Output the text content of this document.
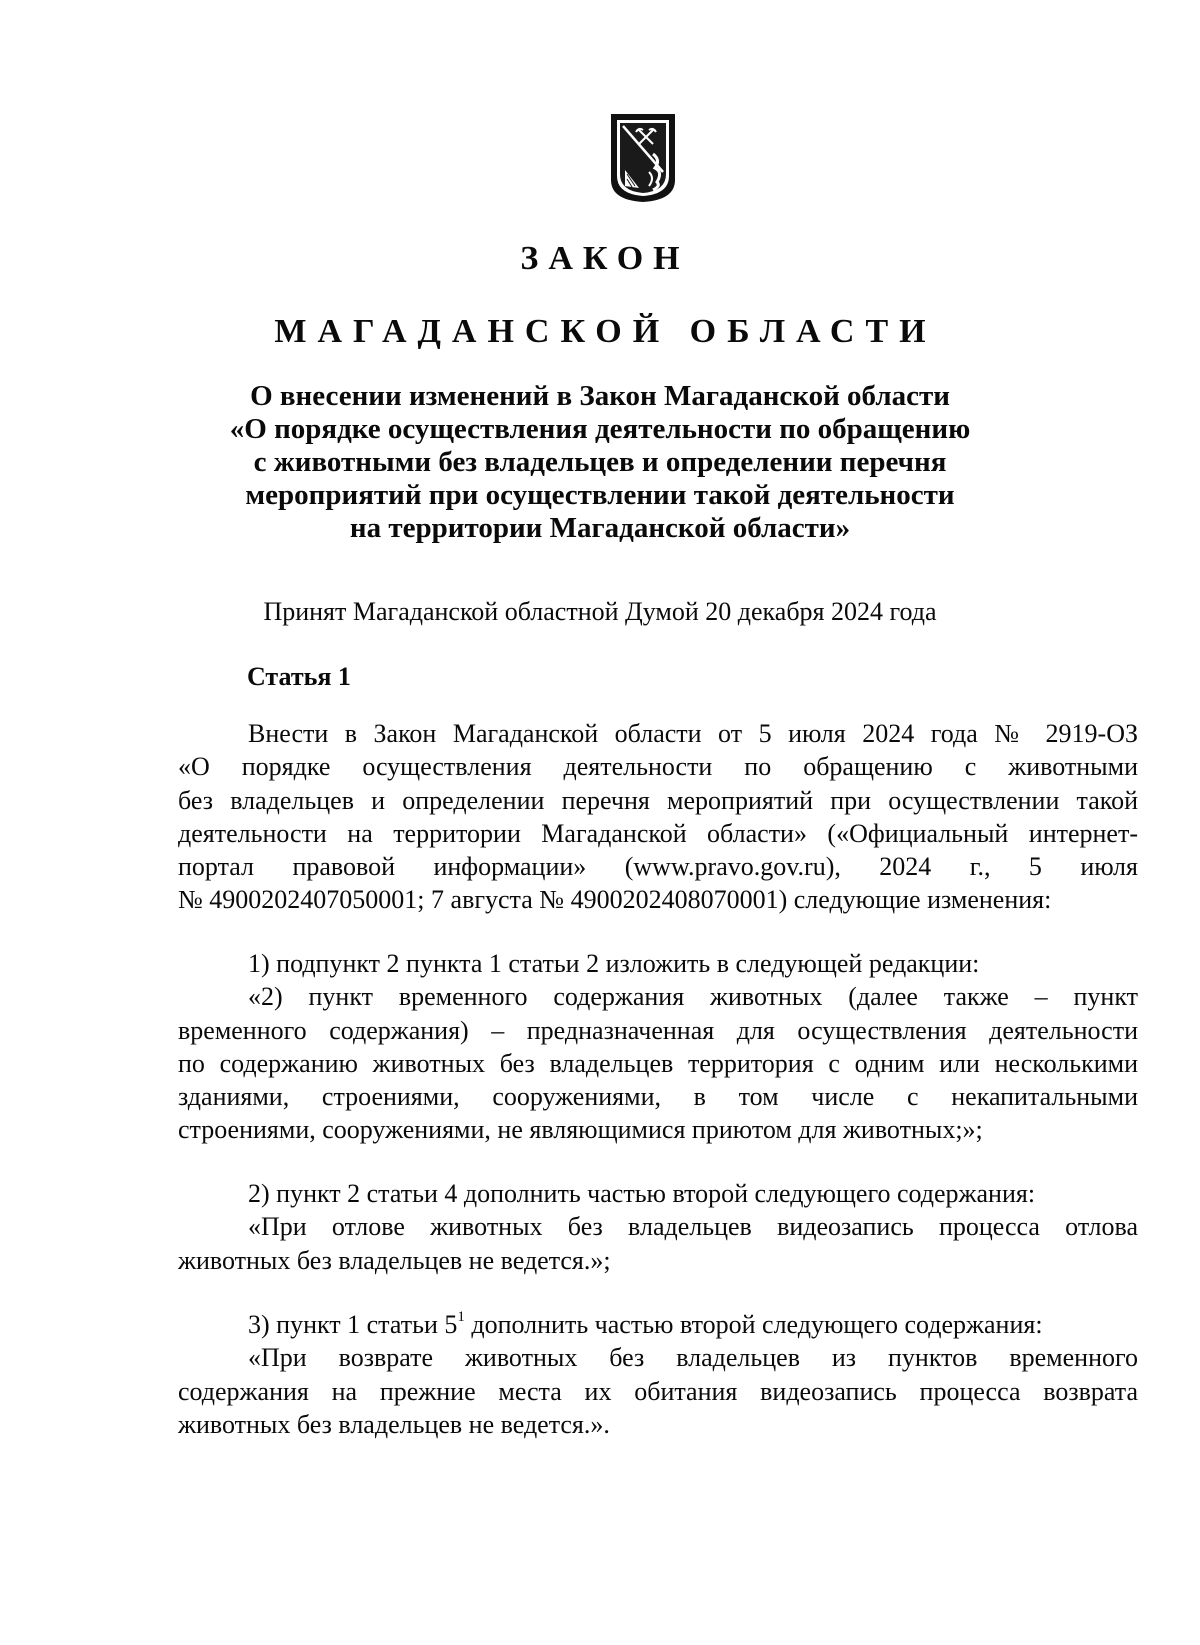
ЗАКОН
МАГАДАНСКОЙ ОБЛАСТИ
О внесении изменений в Закон Магаданской области
«О порядке осуществления деятельности по обращению
с животными без владельцев и определении перечня
мероприятий при осуществлении такой деятельности
на территории Магаданской области»
Принят Магаданской областной Думой 20 декабря 2024 года
Статья 1
Внести в Закон Магаданской области от 5 июля 2024 года № 2919-ОЗ
«О порядке осуществления деятельности по обращению с животными
без владельцев и определении перечня мероприятий при осуществлении такой
деятельности на территории Магаданской области» («Официальный интернет-
портал правовой информации» (www.pravo.gov.ru), 2024 г., 5 июля
№ 4900202407050001; 7 августа № 4900202408070001) следующие изменения:
1) подпункт 2 пункта 1 статьи 2 изложить в следующей редакции:
«2) пункт временного содержания животных (далее также – пункт
временного содержания) – предназначенная для осуществления деятельности
по содержанию животных без владельцев территория с одним или несколькими
зданиями, строениями, сооружениями, в том числе с некапитальными
строениями, сооружениями, не являющимися приютом для животных;»;
2) пункт 2 статьи 4 дополнить частью второй следующего содержания:
«При отлове животных без владельцев видеозапись процесса отлова
животных без владельцев не ведется.»;
3) пункт 1 статьи $5^1$ дополнить частью второй следующего содержания:
«При возврате животных без владельцев из пунктов временного
содержания на прежние места их обитания видеозапись процесса возврата
животных без владельцев не ведется.».
